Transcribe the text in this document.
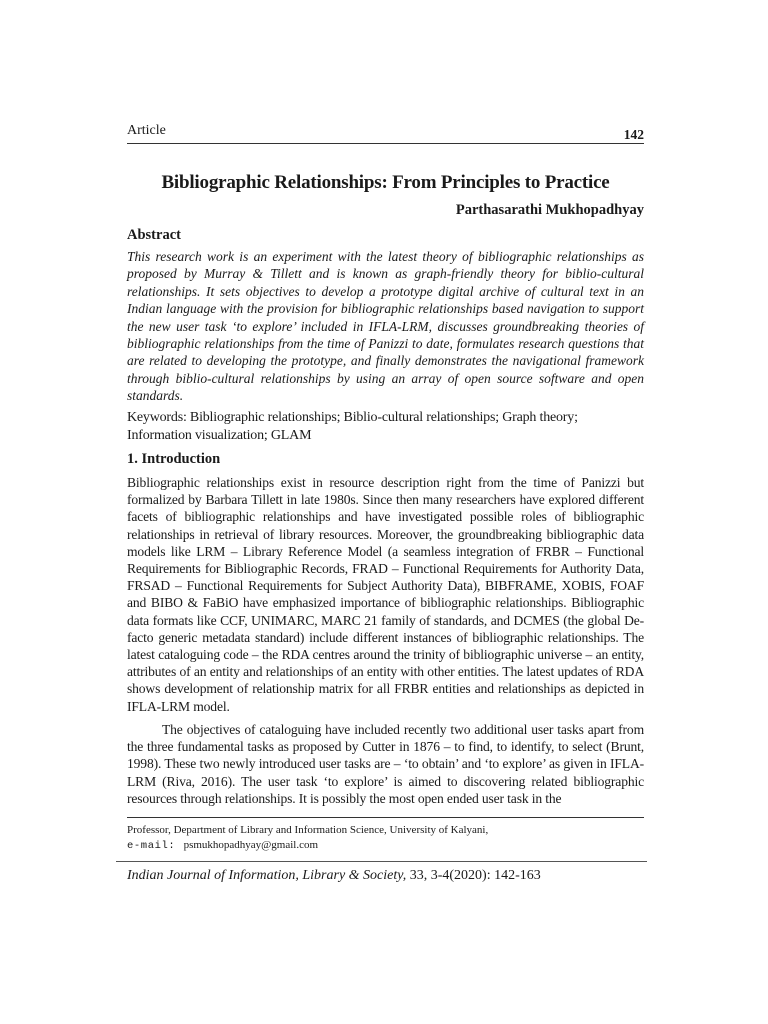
Article	142
Bibliographic Relationships: From Principles to Practice

Parthasarathi Mukhopadhyay

Abstract

This research work is an experiment with the latest theory of bibliographic relationships as proposed by Murray & Tillett and is known as graph-friendly theory for biblio-cultural relationships. It sets objectives to develop a prototype digital archive of cultural text in an Indian language with the provision for bibliographic relationships based navigation to support the new user task ‘to explore’ included in IFLA-LRM, discusses groundbreaking theories of bibliographic relationships from the time of Panizzi to date, formulates research questions that are related to developing the prototype, and finally demonstrates the navigational framework through biblio-cultural relationships by using an array of open source software and open standards.

Keywords: Bibliographic relationships; Biblio-cultural relationships; Graph theory; Information visualization; GLAM

1. Introduction

Bibliographic relationships exist in resource description right from the time of Panizzi but formalized by Barbara Tillett in late 1980s. Since then many researchers have explored different facets of bibliographic relationships and have investigated possible roles of bibliographic relationships in retrieval of library resources. Moreover, the groundbreaking bibliographic data models like LRM – Library Reference Model (a seamless integration of FRBR – Functional Requirements for Bibliographic Records, FRAD – Functional Requirements for Authority Data, FRSAD – Functional Requirements for Subject Authority Data), BIBFRAME, XOBIS, FOAF and BIBO & FaBiO have emphasized importance of bibliographic relationships. Bibliographic data formats like CCF, UNIMARC, MARC 21 family of standards, and DCMES (the global De-facto generic metadata standard) include different instances of bibliographic relationships. The latest cataloguing code – the RDA centres around the trinity of bibliographic universe – an entity, attributes of an entity and relationships of an entity with other entities. The latest updates of RDA shows development of relationship matrix for all FRBR entities and relationships as depicted in IFLA-LRM model.

The objectives of cataloguing have included recently two additional user tasks apart from the three fundamental tasks as proposed by Cutter in 1876 – to find, to identify, to select (Brunt, 1998). These two newly introduced user tasks are – ‘to obtain’ and ‘to explore’ as given in IFLA-LRM (Riva, 2016). The user task ‘to explore’ is aimed to discovering related bibliographic resources through relationships. It is possibly the most open ended user task in the

Professor, Department of Library and Information Science, University of Kalyani,

e-mail: psmukhopadhyay@gmail.com

Indian Journal of Information, Library & Society, 33, 3-4(2020): 142-163
